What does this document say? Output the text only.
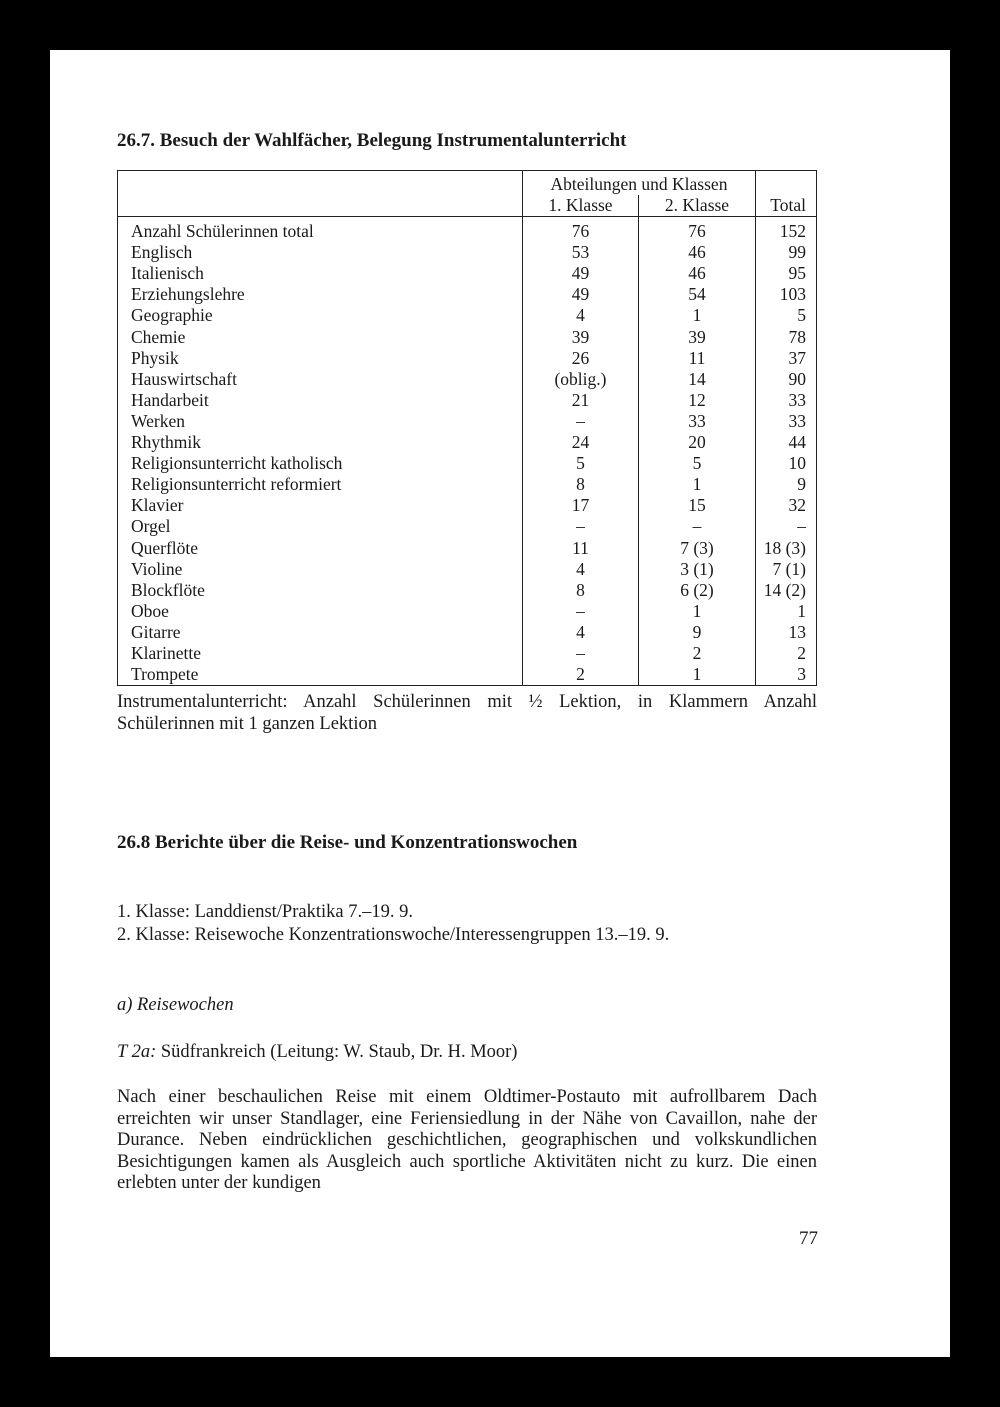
26.7. Besuch der Wahlfächer, Belegung Instrumentalunterricht
	Abteilungen und Klassen		
	1. Klasse	2. Klasse	Total
Anzahl Schülerinnen total	76	76	152
Englisch	53	46	99
Italienisch	49	46	95
Erziehungslehre	49	54	103
Geographie	4	1	5
Chemie	39	39	78
Physik	26	11	37
Hauswirtschaft	(oblig.)	14	90
Handarbeit	21	12	33
Werken	–	33	33
Rhythmik	24	20	44
Religionsunterricht katholisch	5	5	10
Religionsunterricht reformiert	8	1	9
Klavier	17	15	32
Orgel	–	–	–
Querflöte	11	7 (3)	18 (3)
Violine	4	3 (1)	7 (1)
Blockflöte	8	6 (2)	14 (2)
Oboe	–	1	1
Gitarre	4	9	13
Klarinette	–	2	2
Trompete	2	1	3

Instrumentalunterricht: Anzahl Schülerinnen mit ½ Lektion, in Klammern Anzahl Schülerinnen mit 1 ganzen Lektion

26.8 Berichte über die Reise- und Konzentrationswochen

1. Klasse: Landdienst/Praktika 7.–19. 9.

2. Klasse: Reisewoche Konzentrationswoche/Interessengruppen 13.–19. 9.

a) Reisewochen

T 2a: Südfrankreich (Leitung: W. Staub, Dr. H. Moor)

Nach einer beschaulichen Reise mit einem Oldtimer-Postauto mit aufrollbarem Dach erreichten wir unser Standlager, eine Feriensiedlung in der Nähe von Cavaillon, nahe der Durance. Neben eindrücklichen geschichtlichen, geographischen und volkskundlichen Besichtigungen kamen als Ausgleich auch sportliche Aktivitäten nicht zu kurz. Die einen erlebten unter der kundigen

77
